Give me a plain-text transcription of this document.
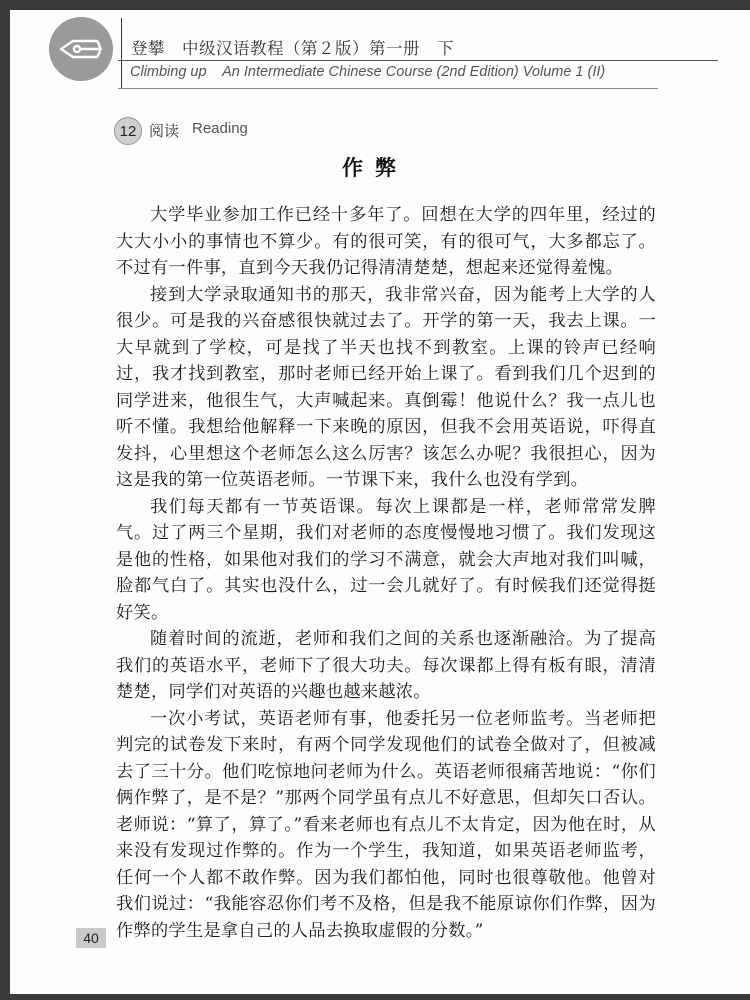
登攀　中级汉语教程（第２版）第一册　下
Climbing up    An Intermediate Chinese Course (2nd Edition) Volume 1 (II)
12 阅读 Reading
作弊

大学毕业参加工作已经十多年了。回想在大学的四年里，经过的大大小小的事情也不算少。有的很可笑，有的很可气，大多都忘了。不过有一件事，直到今天我仍记得清清楚楚，想起来还觉得羞愧。

接到大学录取通知书的那天，我非常兴奋，因为能考上大学的人很少。可是我的兴奋感很快就过去了。开学的第一天，我去上课。一大早就到了学校，可是找了半天也找不到教室。上课的铃声已经响过，我才找到教室，那时老师已经开始上课了。看到我们几个迟到的同学进来，他很生气，大声喊起来。真倒霉！他说什么？我一点儿也听不懂。我想给他解释一下来晚的原因，但我不会用英语说，吓得直发抖，心里想这个老师怎么这么厉害？该怎么办呢？我很担心，因为这是我的第一位英语老师。一节课下来，我什么也没有学到。

我们每天都有一节英语课。每次上课都是一样，老师常常发脾气。过了两三个星期，我们对老师的态度慢慢地习惯了。我们发现这是他的性格，如果他对我们的学习不满意，就会大声地对我们叫喊，脸都气白了。其实也没什么，过一会儿就好了。有时候我们还觉得挺好笑。

随着时间的流逝，老师和我们之间的关系也逐渐融洽。为了提高我们的英语水平，老师下了很大功夫。每次课都上得有板有眼，清清楚楚，同学们对英语的兴趣也越来越浓。

一次小考试，英语老师有事，他委托另一位老师监考。当老师把判完的试卷发下来时，有两个同学发现他们的试卷全做对了，但被减去了三十分。他们吃惊地问老师为什么。英语老师很痛苦地说：“你们俩作弊了，是不是？”那两个同学虽有点儿不好意思，但却矢口否认。老师说：“算了，算了。”看来老师也有点儿不太肯定，因为他在时，从来没有发现过作弊的。作为一个学生，我知道，如果英语老师监考，任何一个人都不敢作弊。因为我们都怕他，同时也很尊敬他。他曾对我们说过：“我能容忍你们考不及格，但是我不能原谅你们作弊，因为作弊的学生是拿自己的人品去换取虚假的分数。”

40
